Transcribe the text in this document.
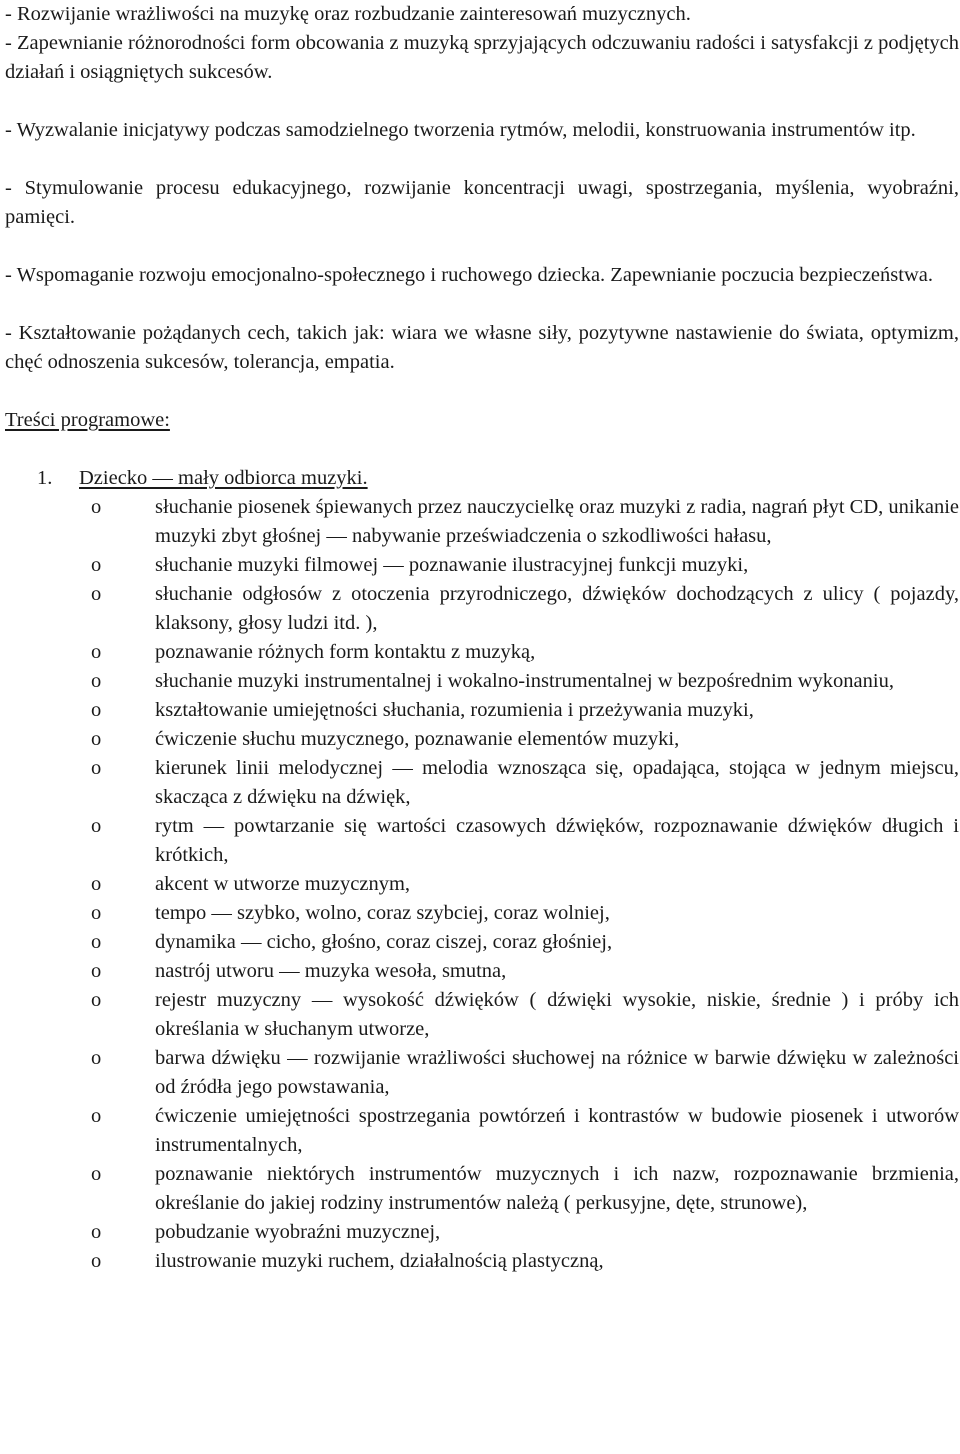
- Rozwijanie wrażliwości na muzykę oraz rozbudzanie zainteresowań muzycznych.

- Zapewnianie różnorodności form obcowania z muzyką sprzyjających odczuwaniu radości i satysfakcji z podjętych działań i osiągniętych sukcesów.

- Wyzwalanie inicjatywy podczas samodzielnego tworzenia rytmów, melodii, konstruowania instrumentów itp.

- Stymulowanie procesu edukacyjnego, rozwijanie koncentracji uwagi, spostrzegania, myślenia, wyobraźni, pamięci.

- Wspomaganie rozwoju emocjonalno-społecznego i ruchowego dziecka. Zapewnianie poczucia bezpieczeństwa.

- Kształtowanie pożądanych cech, takich jak: wiara we własne siły, pozytywne nastawienie do świata, optymizm, chęć odnoszenia sukcesów, tolerancja, empatia.

Treści programowe:

1. Dziecko — mały odbiorca muzyki.

o	słuchanie piosenek śpiewanych przez nauczycielkę oraz muzyki z radia, nagrań płyt CD, unikanie muzyki zbyt głośnej — nabywanie przeświadczenia o szkodliwości hałasu,
o	słuchanie muzyki filmowej — poznawanie ilustracyjnej funkcji muzyki,
o	słuchanie odgłosów z otoczenia przyrodniczego, dźwięków dochodzących z ulicy ( pojazdy, klaksony, głosy ludzi itd. ),
o	poznawanie różnych form kontaktu z muzyką,
o	słuchanie muzyki instrumentalnej i wokalno-instrumentalnej w bezpośrednim wykonaniu,
o	kształtowanie umiejętności słuchania, rozumienia i przeżywania muzyki,
o	ćwiczenie słuchu muzycznego, poznawanie elementów muzyki,
o	kierunek linii melodycznej — melodia wznosząca się, opadająca, stojąca w jednym miejscu, skacząca z dźwięku na dźwięk,
o	rytm — powtarzanie się wartości czasowych dźwięków, rozpoznawanie dźwięków długich i krótkich,
o	akcent w utworze muzycznym,
o	tempo — szybko, wolno, coraz szybciej, coraz wolniej,
o	dynamika — cicho, głośno, coraz ciszej, coraz głośniej,
o	nastrój utworu — muzyka wesoła, smutna,
o	rejestr muzyczny — wysokość dźwięków ( dźwięki wysokie, niskie, średnie ) i próby ich określania w słuchanym utworze,
o	barwa dźwięku — rozwijanie wrażliwości słuchowej na różnice w barwie dźwięku w zależności od źródła jego powstawania,
o	ćwiczenie umiejętności spostrzegania powtórzeń i kontrastów w budowie piosenek i utworów instrumentalnych,
o	poznawanie niektórych instrumentów muzycznych i ich nazw, rozpoznawanie brzmienia, określanie do jakiej rodziny instrumentów należą ( perkusyjne, dęte, strunowe),
o	pobudzanie wyobraźni muzycznej,
o	ilustrowanie muzyki ruchem, działalnością plastyczną,
